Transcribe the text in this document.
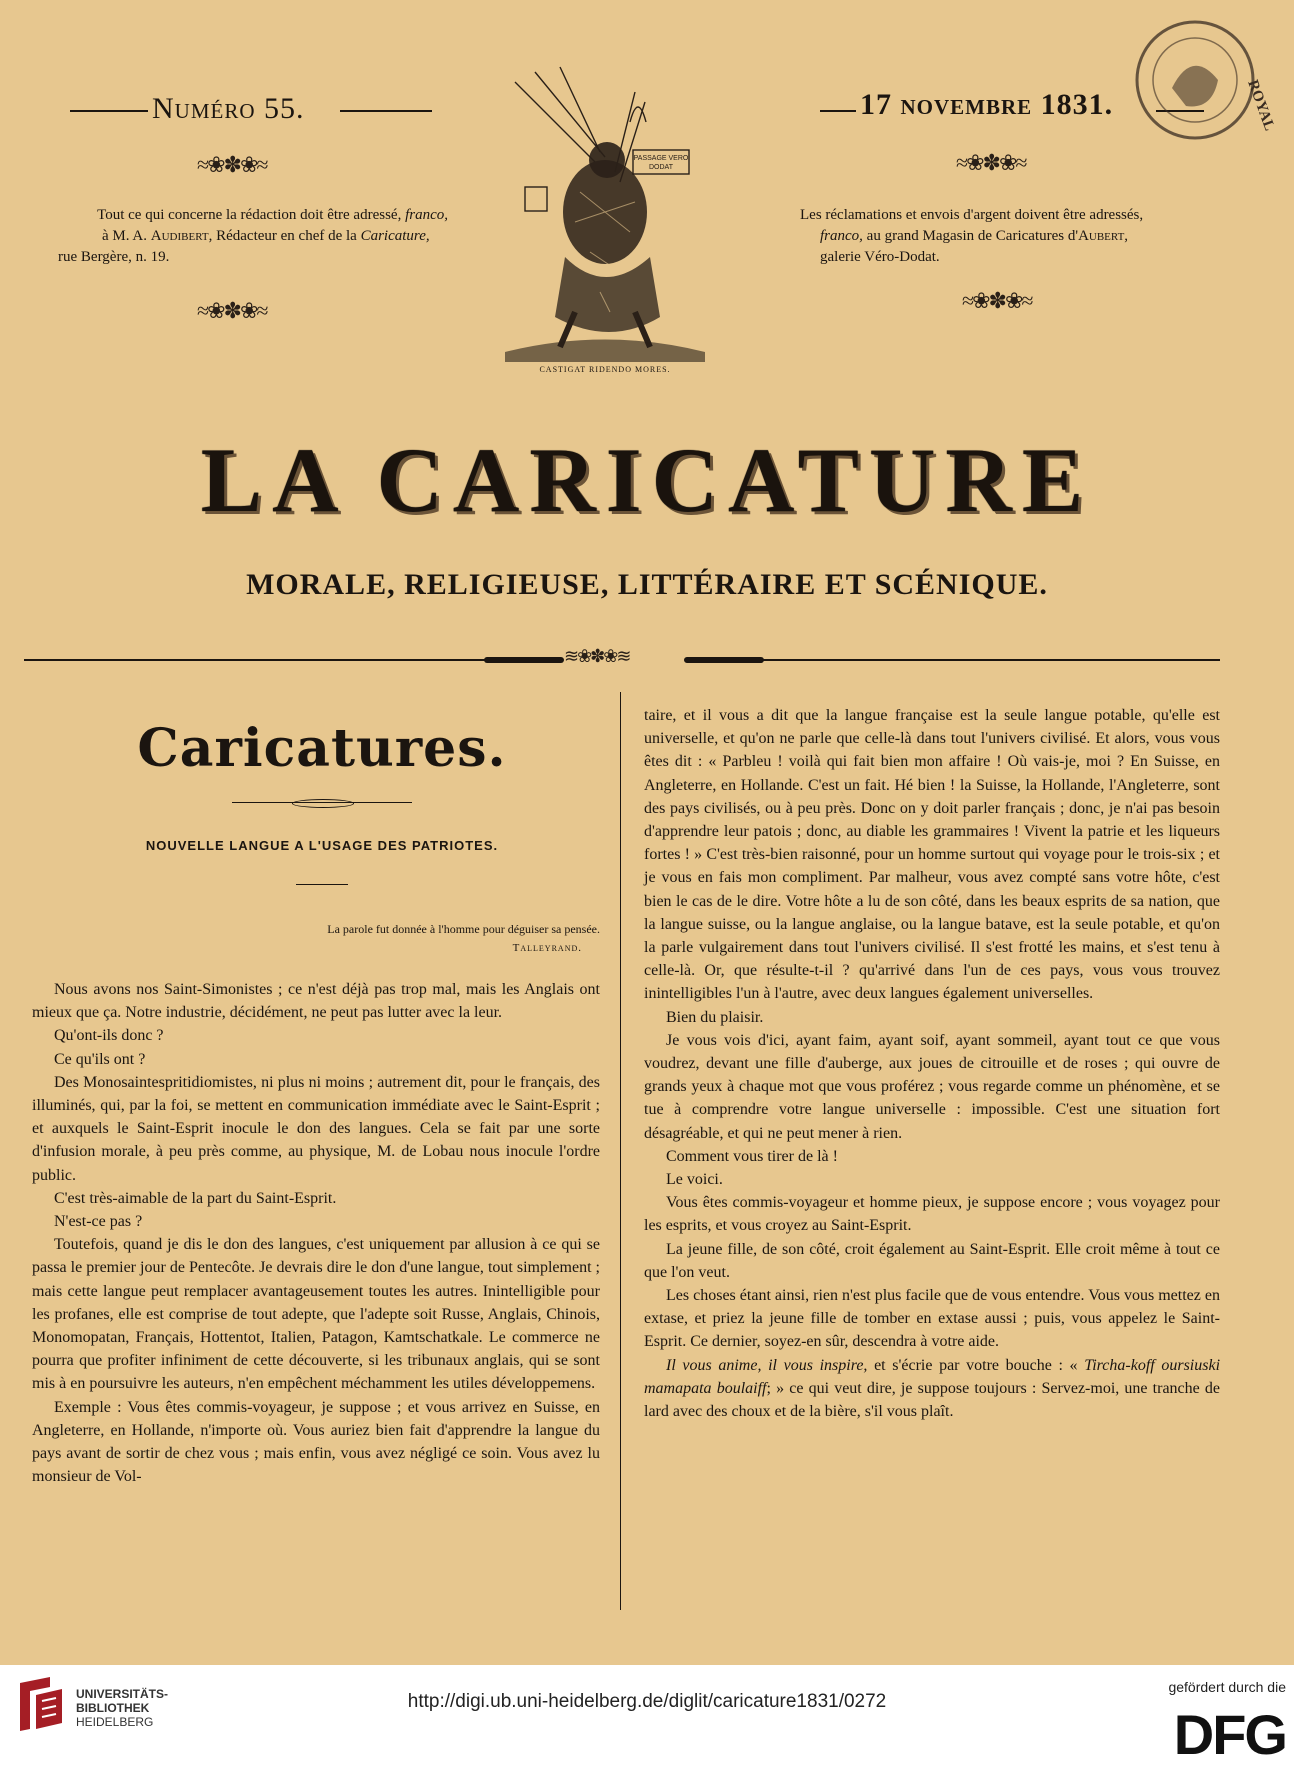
Numéro 55.
≈❀✽❀≈
Tout ce qui concerne la rédaction doit être adressé, franco,
à M. A. Audibert, Rédacteur en chef de la Caricature,
rue Bergère, n. 19.
≈❀✽❀≈
PASSAGE VERO
DODAT
CASTIGAT RIDENDO MORES.
17 novembre 1831.
≈❀✽❀≈
Les réclamations et envois d'argent doivent être adressés,
franco, au grand Magasin de Caricatures d'Aubert,
galerie Véro-Dodat.
≈❀✽❀≈
ROYAL
LA CARICATURE
MORALE, RELIGIEUSE, LITTÉRAIRE ET SCÉNIQUE.
≋❀✽❀≋
Caricatures.
NOUVELLE LANGUE A L'USAGE DES PATRIOTES.
La parole fut donnée à l'homme pour déguiser sa pensée.
Talleyrand.

Nous avons nos Saint-Simonistes ; ce n'est déjà pas trop mal, mais les Anglais ont mieux que ça. Notre industrie, décidément, ne peut pas lutter avec la leur.

Qu'ont-ils donc ?

Ce qu'ils ont ?

Des Monosaintespritidiomistes, ni plus ni moins ; autrement dit, pour le français, des illuminés, qui, par la foi, se mettent en communication immédiate avec le Saint-Esprit ; et auxquels le Saint-Esprit inocule le don des langues. Cela se fait par une sorte d'infusion morale, à peu près comme, au physique, M. de Lobau nous inocule l'ordre public.

C'est très-aimable de la part du Saint-Esprit.

N'est-ce pas ?

Toutefois, quand je dis le don des langues, c'est uniquement par allusion à ce qui se passa le premier jour de Pentecôte. Je devrais dire le don d'une langue, tout simplement ; mais cette langue peut remplacer avantageusement toutes les autres. Inintelligible pour les profanes, elle est comprise de tout adepte, que l'adepte soit Russe, Anglais, Chinois, Monomopatan, Français, Hottentot, Italien, Patagon, Kamtschatkale. Le commerce ne pourra que profiter infiniment de cette découverte, si les tribunaux anglais, qui se sont mis à en poursuivre les auteurs, n'en empêchent méchamment les utiles développemens.

Exemple : Vous êtes commis-voyageur, je suppose ; et vous arrivez en Suisse, en Angleterre, en Hollande, n'importe où. Vous auriez bien fait d'apprendre la langue du pays avant de sortir de chez vous ; mais enfin, vous avez négligé ce soin. Vous avez lu monsieur de Vol-

taire, et il vous a dit que la langue française est la seule langue potable, qu'elle est universelle, et qu'on ne parle que celle-là dans tout l'univers civilisé. Et alors, vous vous êtes dit : « Parbleu ! voilà qui fait bien mon affaire ! Où vais-je, moi ? En Suisse, en Angleterre, en Hollande. C'est un fait. Hé bien ! la Suisse, la Hollande, l'Angleterre, sont des pays civilisés, ou à peu près. Donc on y doit parler français ; donc, je n'ai pas besoin d'apprendre leur patois ; donc, au diable les grammaires ! Vivent la patrie et les liqueurs fortes ! » C'est très-bien raisonné, pour un homme surtout qui voyage pour le trois-six ; et je vous en fais mon compliment. Par malheur, vous avez compté sans votre hôte, c'est bien le cas de le dire. Votre hôte a lu de son côté, dans les beaux esprits de sa nation, que la langue suisse, ou la langue anglaise, ou la langue batave, est la seule potable, et qu'on la parle vulgairement dans tout l'univers civilisé. Il s'est frotté les mains, et s'est tenu à celle-là. Or, que résulte-t-il ? qu'arrivé dans l'un de ces pays, vous vous trouvez inintelligibles l'un à l'autre, avec deux langues également universelles.

Bien du plaisir.

Je vous vois d'ici, ayant faim, ayant soif, ayant sommeil, ayant tout ce que vous voudrez, devant une fille d'auberge, aux joues de citrouille et de roses ; qui ouvre de grands yeux à chaque mot que vous proférez ; vous regarde comme un phénomène, et se tue à comprendre votre langue universelle : impossible. C'est une situation fort désagréable, et qui ne peut mener à rien.

Comment vous tirer de là !

Le voici.

Vous êtes commis-voyageur et homme pieux, je suppose encore ; vous voyagez pour les esprits, et vous croyez au Saint-Esprit.

La jeune fille, de son côté, croit également au Saint-Esprit. Elle croit même à tout ce que l'on veut.

Les choses étant ainsi, rien n'est plus facile que de vous entendre. Vous vous mettez en extase, et priez la jeune fille de tomber en extase aussi ; puis, vous appelez le Saint-Esprit. Ce dernier, soyez-en sûr, descendra à votre aide.

Il vous anime, il vous inspire, et s'écrie par votre bouche : « Tircha-koff oursiuski mamapata boulaiff; » ce qui veut dire, je suppose toujours : Servez-moi, une tranche de lard avec des choux et de la bière, s'il vous plaît.

UNIVERSITÄTS-
BIBLIOTHEK
HEIDELBERG
http://digi.ub.uni-heidelberg.de/diglit/caricature1831/0272
gefördert durch die
DFG
